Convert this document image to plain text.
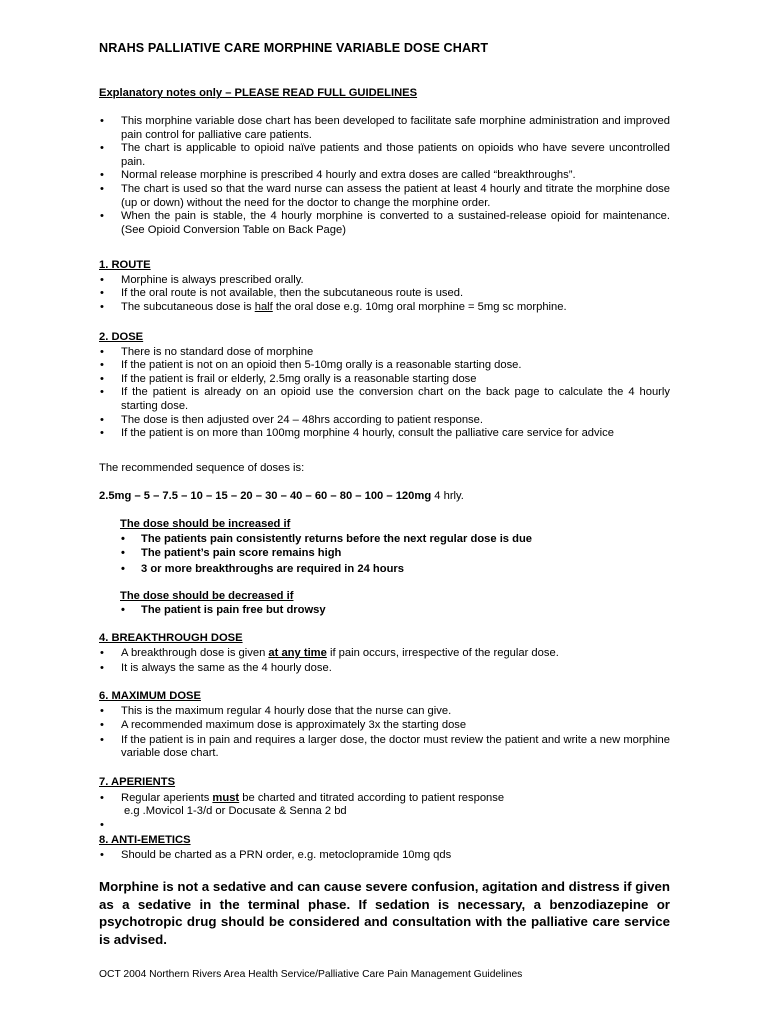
NRAHS PALLIATIVE CARE MORPHINE VARIABLE DOSE CHART
Explanatory notes only – PLEASE READ FULL GUIDELINES
• This morphine variable dose chart has been developed to facilitate safe morphine administration and improved pain control for palliative care patients.
• The chart is applicable to opioid naïve patients and those patients on opioids who have severe uncontrolled pain.
• Normal release morphine is prescribed 4 hourly and extra doses are called “breakthroughs”.
• The chart is used so that the ward nurse can assess the patient at least 4 hourly and titrate the morphine dose (up or down) without the need for the doctor to change the morphine order.
• When the pain is stable, the 4 hourly morphine is converted to a sustained-release opioid for maintenance. (See Opioid Conversion Table on Back Page)
1. ROUTE
• Morphine is always prescribed orally.
• If the oral route is not available, then the subcutaneous route is used.
• The subcutaneous dose is half the oral dose e.g. 10mg oral morphine = 5mg sc morphine.
2. DOSE
• There is no standard dose of morphine
• If the patient is not on an opioid then 5-10mg orally is a reasonable starting dose.
• If the patient is frail or elderly, 2.5mg orally is a reasonable starting dose
• If the patient is already on an opioid use the conversion chart on the back page to calculate the 4 hourly starting dose.
• The dose is then adjusted over 24 – 48hrs according to patient response.
• If the patient is on more than 100mg morphine 4 hourly, consult the palliative care service for advice
The recommended sequence of doses is:
2.5mg – 5 – 7.5 – 10 – 15 – 20 – 30 – 40 – 60 – 80 – 100 – 120mg 4 hrly.
The dose should be increased if
• The patients pain consistently returns before the next regular dose is due
• The patient’s pain score remains high
• 3 or more breakthroughs are required in 24 hours
The dose should be decreased if
• The patient is pain free but drowsy
4. BREAKTHROUGH DOSE
• A breakthrough dose is given at any time if pain occurs, irrespective of the regular dose.
• It is always the same as the 4 hourly dose.
6. MAXIMUM DOSE
• This is the maximum regular 4 hourly dose that the nurse can give.
• A recommended maximum dose is approximately 3x the starting dose
• If the patient is in pain and requires a larger dose, the doctor must review the patient and write a new morphine variable dose chart.
7. APERIENTS
• Regular aperients must be charted and titrated according to patient response
e.g .Movicol 1-3/d or Docusate & Senna 2 bd
8. ANTI-EMETICS
• Should be charted as a PRN order, e.g. metoclopramide 10mg qds
Morphine is not a sedative and can cause severe confusion, agitation and distress if given as a sedative in the terminal phase. If sedation is necessary, a benzodiazepine or psychotropic drug should be considered and consultation with the palliative care service is advised.
OCT 2004 Northern Rivers Area Health Service/Palliative Care Pain Management Guidelines
